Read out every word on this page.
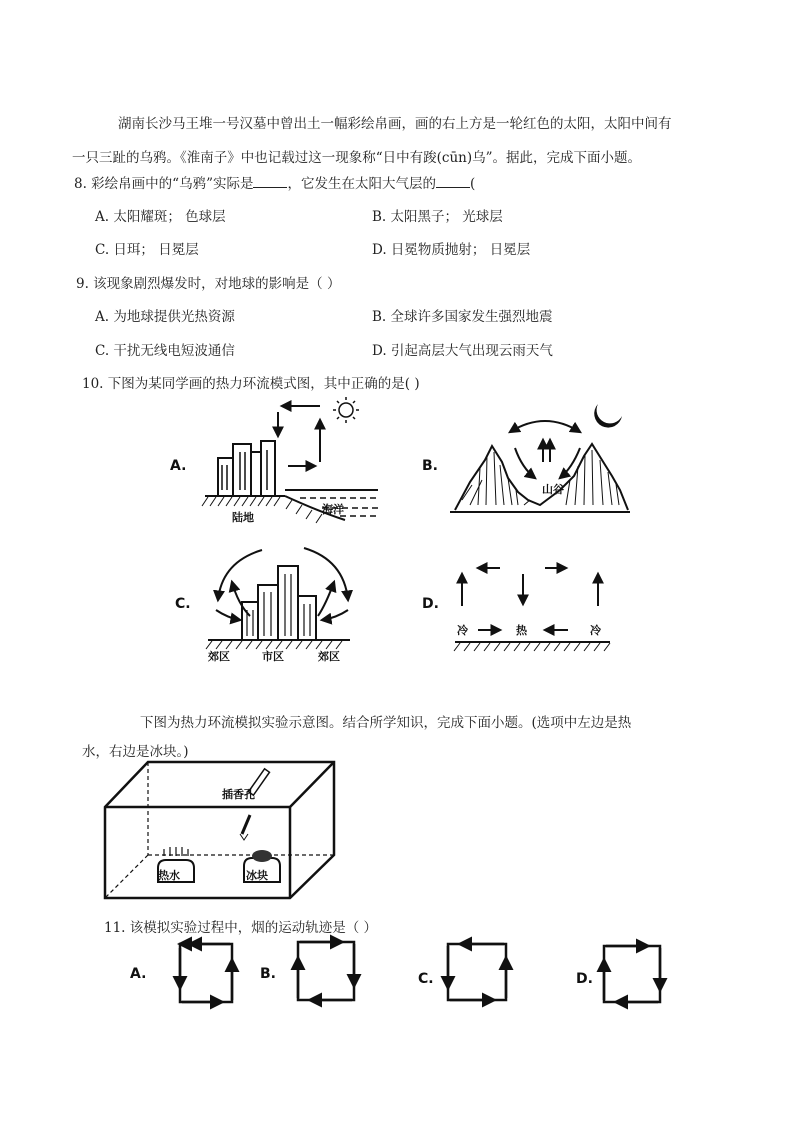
湖南长沙马王堆一号汉墓中曾出土一幅彩绘帛画，画的右上方是一轮红色的太阳，太阳中间有
一只三趾的乌鸦。《淮南子》中也记载过这一现象称“日中有踆(cūn)乌”。据此，完成下面小题。
8. 彩绘帛画中的“乌鸦”实际是	，它发生在太阳大气层的	(
A. 太阳耀斑； 色球层	B. 太阳黑子； 光球层
C. 日珥； 日冕层	D. 日冕物质抛射； 日冕层
9. 该现象剧烈爆发时，对地球的影响是（ ）
A. 为地球提供光热资源	B. 全球许多国家发生强烈地震
C. 干扰无线电短波通信	D. 引起高层大气出现云雨天气
10. 下图为某同学画的热力环流模式图，其中正确的是( )
A.
陆地
海洋
B.
山谷
C.
郊区	市区	郊区
D.
冷	热	冷
插香孔
热水	冰块
A.	B.	C.	D.
下图为热力环流模拟实验示意图。结合所学知识，完成下面小题。(选项中左边是热
水，右边是冰块。)
11. 该模拟实验过程中，烟的运动轨迹是（ ）
